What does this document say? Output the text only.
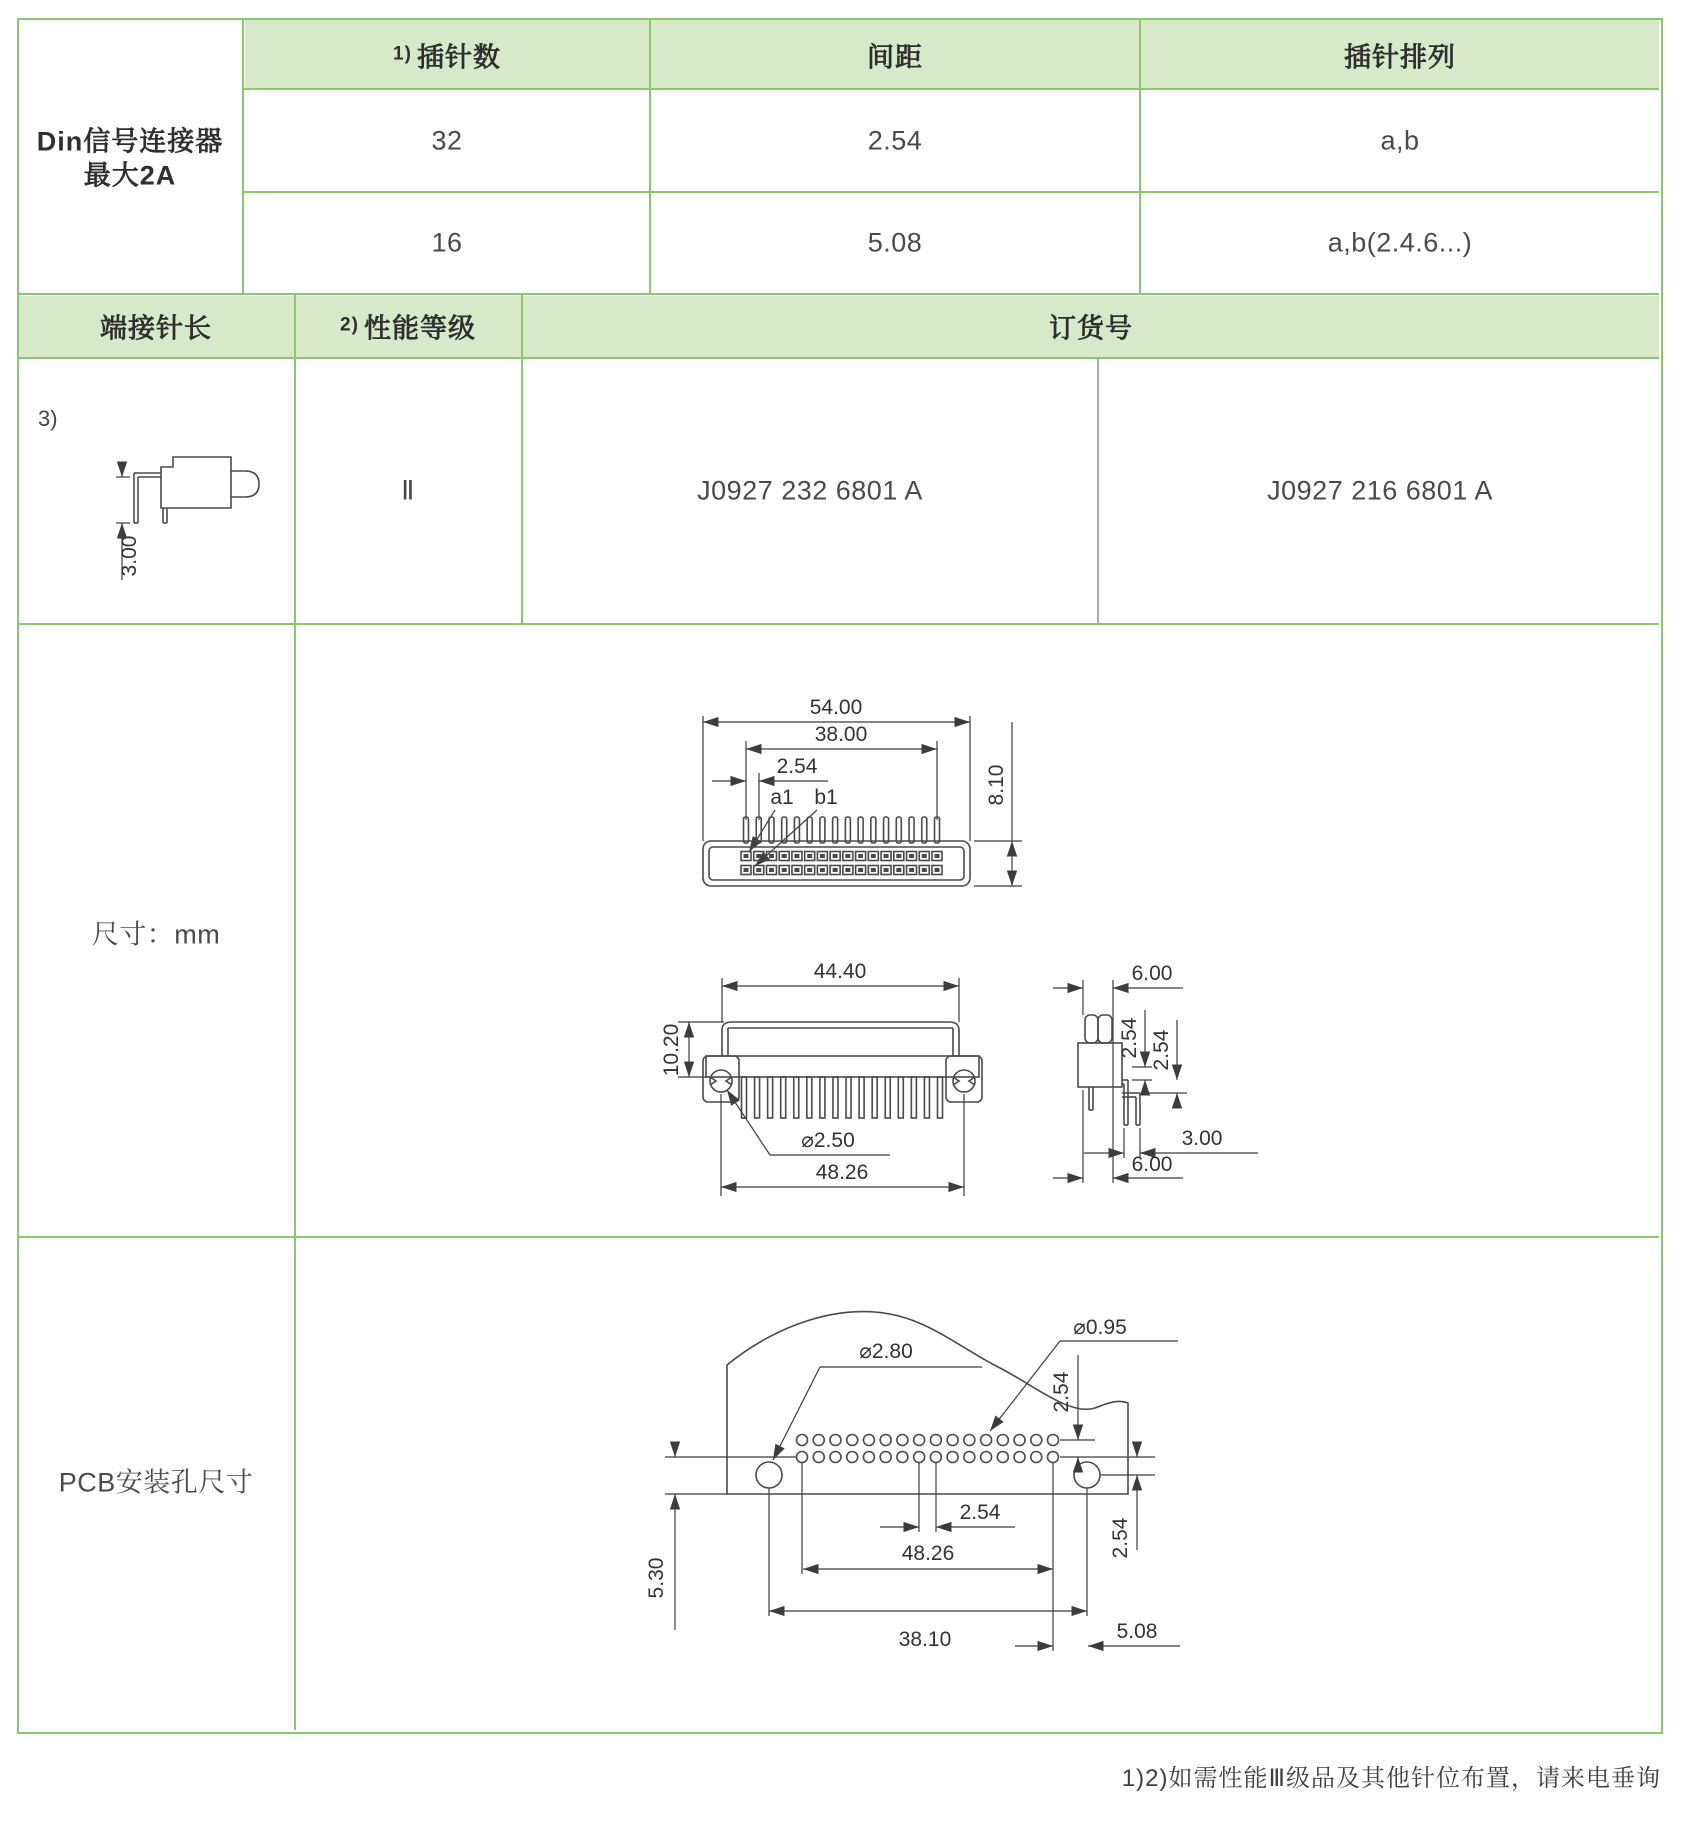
Din信号连接器
最大2A
$^{1)}$ 插针数	间距	插针排列
32	2.54	a,b
16	5.08	a,b(2.4.6...)
端接针长	$^{2)}$ 性能等级	订货号
3)
Ⅱ	J0927 232 6801 A	J0927 216 6801 A
3.00
尺寸：mm
54.00
38.00
2.54
a1 b1	8.10
44.40
10.20
⌀2.50
48.26
6.00
2.54 2.54
3.00
6.00
PCB安装孔尺寸
⌀2.80
⌀0.95
2.54
2.54
5.30
2.54
48.26
38.10	5.08
1)2)如需性能Ⅲ级品及其他针位布置，请来电垂询
